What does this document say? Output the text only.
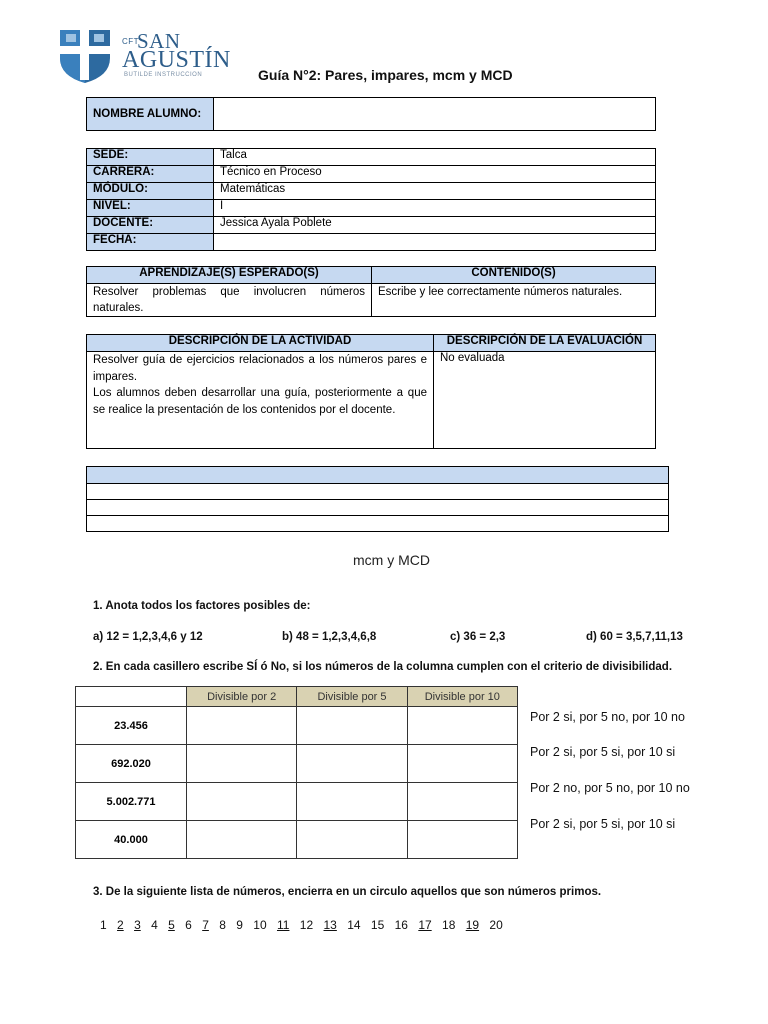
CFT
SAN
AGUSTÍN
BUTILDE INSTRUCCION	Guía N°2: Pares, impares, mcm y MCD
NOMBRE ALUMNO:	
SEDE:	Talca
CARRERA:	Técnico en Proceso
MÓDULO:	Matemáticas
NIVEL:	I
DOCENTE:	Jessica Ayala Poblete
FECHA:	
APRENDIZAJE(S) ESPERADO(S)	CONTENIDO(S)
Resolver problemas que involucren números naturales.	Escribe y lee correctamente números naturales.
DESCRIPCIÓN DE LA ACTIVIDAD	DESCRIPCIÓN DE LA EVALUACIÓN

Resolver guía de ejercicios relacionados a los números pares e impares.
Los alumnos deben desarrollar una guía, posteriormente a que se realice la presentación de los contenidos por el docente.	No evaluada

mcm y MCD
1. Anota todos los factores posibles de:
a) 12 = 1,2,3,4,6 y 12	b) 48 = 1,2,3,4,6,8	c) 36 = 2,3	d) 60 = 3,5,7,11,13
2. En cada casillero escribe SÍ ó No, si los números de la columna cumplen con el criterio de divisibilidad.
	Divisible por 2	Divisible por 5	Divisible por 10
23.456			
692.020			
5.002.771			
40.000			
Por 2 si, por 5 no, por 10 no
Por 2 si, por 5 si, por 10 si
Por 2 no, por 5 no, por 10 no
Por 2 si, por 5 si, por 10 si
3. De la siguiente lista de números, encierra en un circulo aquellos que son números primos.
1 2 3 4 5 6 7 8 9 10 11 12 13 14 15 16 17 18 19 20
